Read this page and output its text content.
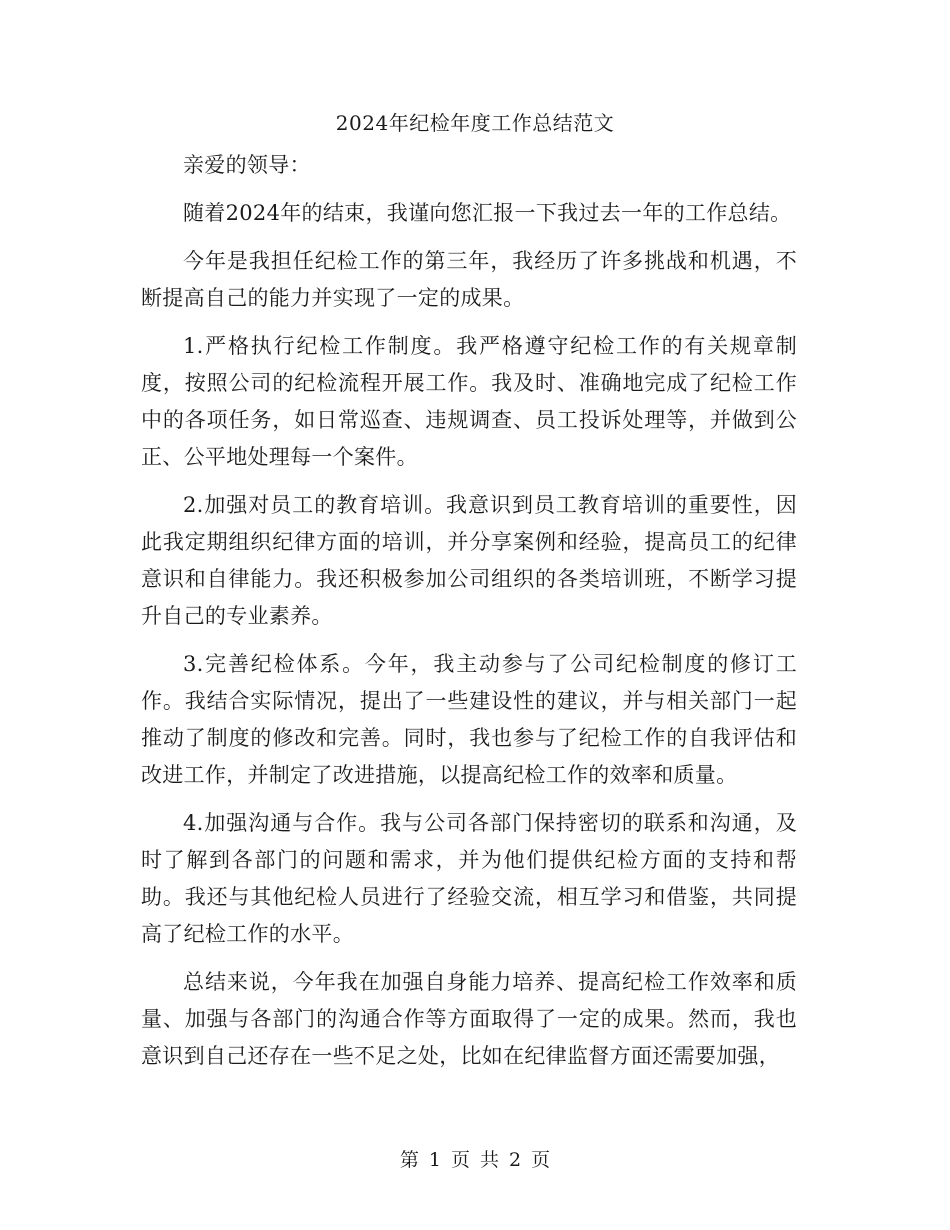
2024年纪检年度工作总结范文

亲爱的领导：

随着2024年的结束，我谨向您汇报一下我过去一年的工作总结。

今年是我担任纪检工作的第三年，我经历了许多挑战和机遇，不断提高自己的能力并实现了一定的成果。

1.严格执行纪检工作制度。我严格遵守纪检工作的有关规章制度，按照公司的纪检流程开展工作。我及时、准确地完成了纪检工作中的各项任务，如日常巡查、违规调查、员工投诉处理等，并做到公正、公平地处理每一个案件。

2.加强对员工的教育培训。我意识到员工教育培训的重要性，因此我定期组织纪律方面的培训，并分享案例和经验，提高员工的纪律意识和自律能力。我还积极参加公司组织的各类培训班，不断学习提升自己的专业素养。

3.完善纪检体系。今年，我主动参与了公司纪检制度的修订工作。我结合实际情况，提出了一些建设性的建议，并与相关部门一起推动了制度的修改和完善。同时，我也参与了纪检工作的自我评估和改进工作，并制定了改进措施，以提高纪检工作的效率和质量。

4.加强沟通与合作。我与公司各部门保持密切的联系和沟通，及时了解到各部门的问题和需求，并为他们提供纪检方面的支持和帮助。我还与其他纪检人员进行了经验交流，相互学习和借鉴，共同提高了纪检工作的水平。

总结来说，今年我在加强自身能力培养、提高纪检工作效率和质量、加强与各部门的沟通合作等方面取得了一定的成果。然而，我也意识到自己还存在一些不足之处，比如在纪律监督方面还需要加强，

第 1 页 共 2 页
